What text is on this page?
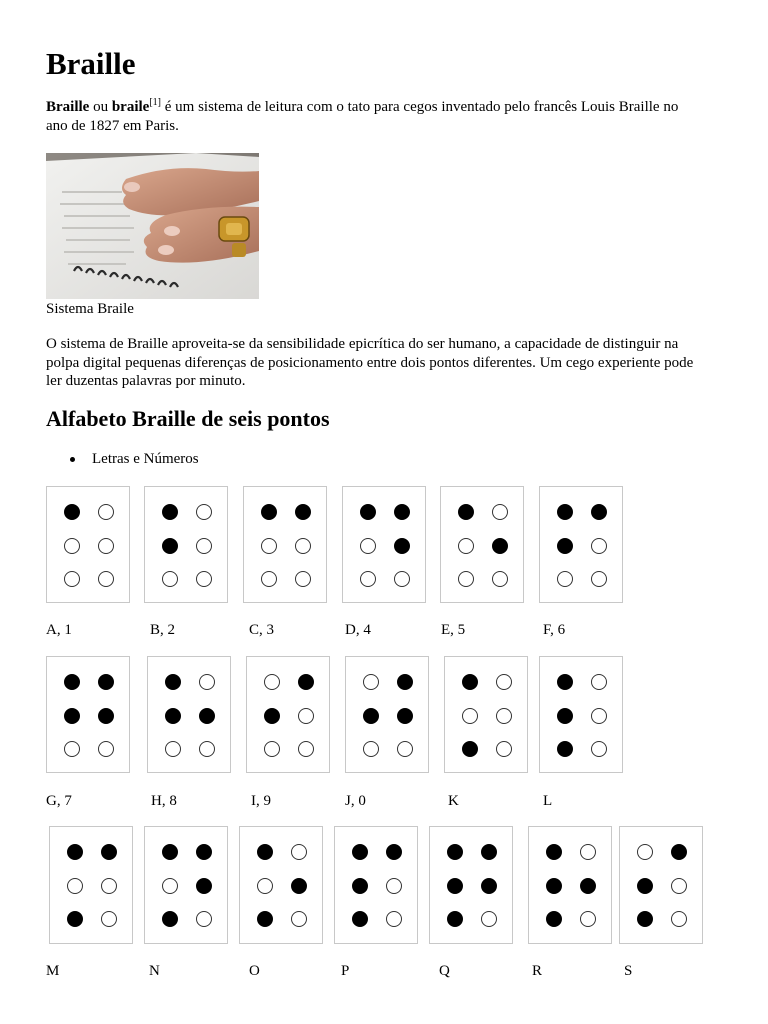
Braille

Braille ou braile[1] é um sistema de leitura com o tato para cegos inventado pelo francês Louis Braille no
ano de 1827 em Paris.

Sistema Braile

O sistema de Braille aproveita-se da sensibilidade epicrítica do ser humano, a capacidade de distinguir na
polpa digital pequenas diferenças de posicionamento entre dois pontos diferentes. Um cego experiente pode
ler duzentas palavras por minuto.

Alfabeto Braille de seis pontos
Letras e Números
A, 1	B, 2	C, 3	D, 4	E, 5	F, 6
G, 7	H, 8	I, 9	J, 0	K	L
M	N	O	P	Q	R	S
